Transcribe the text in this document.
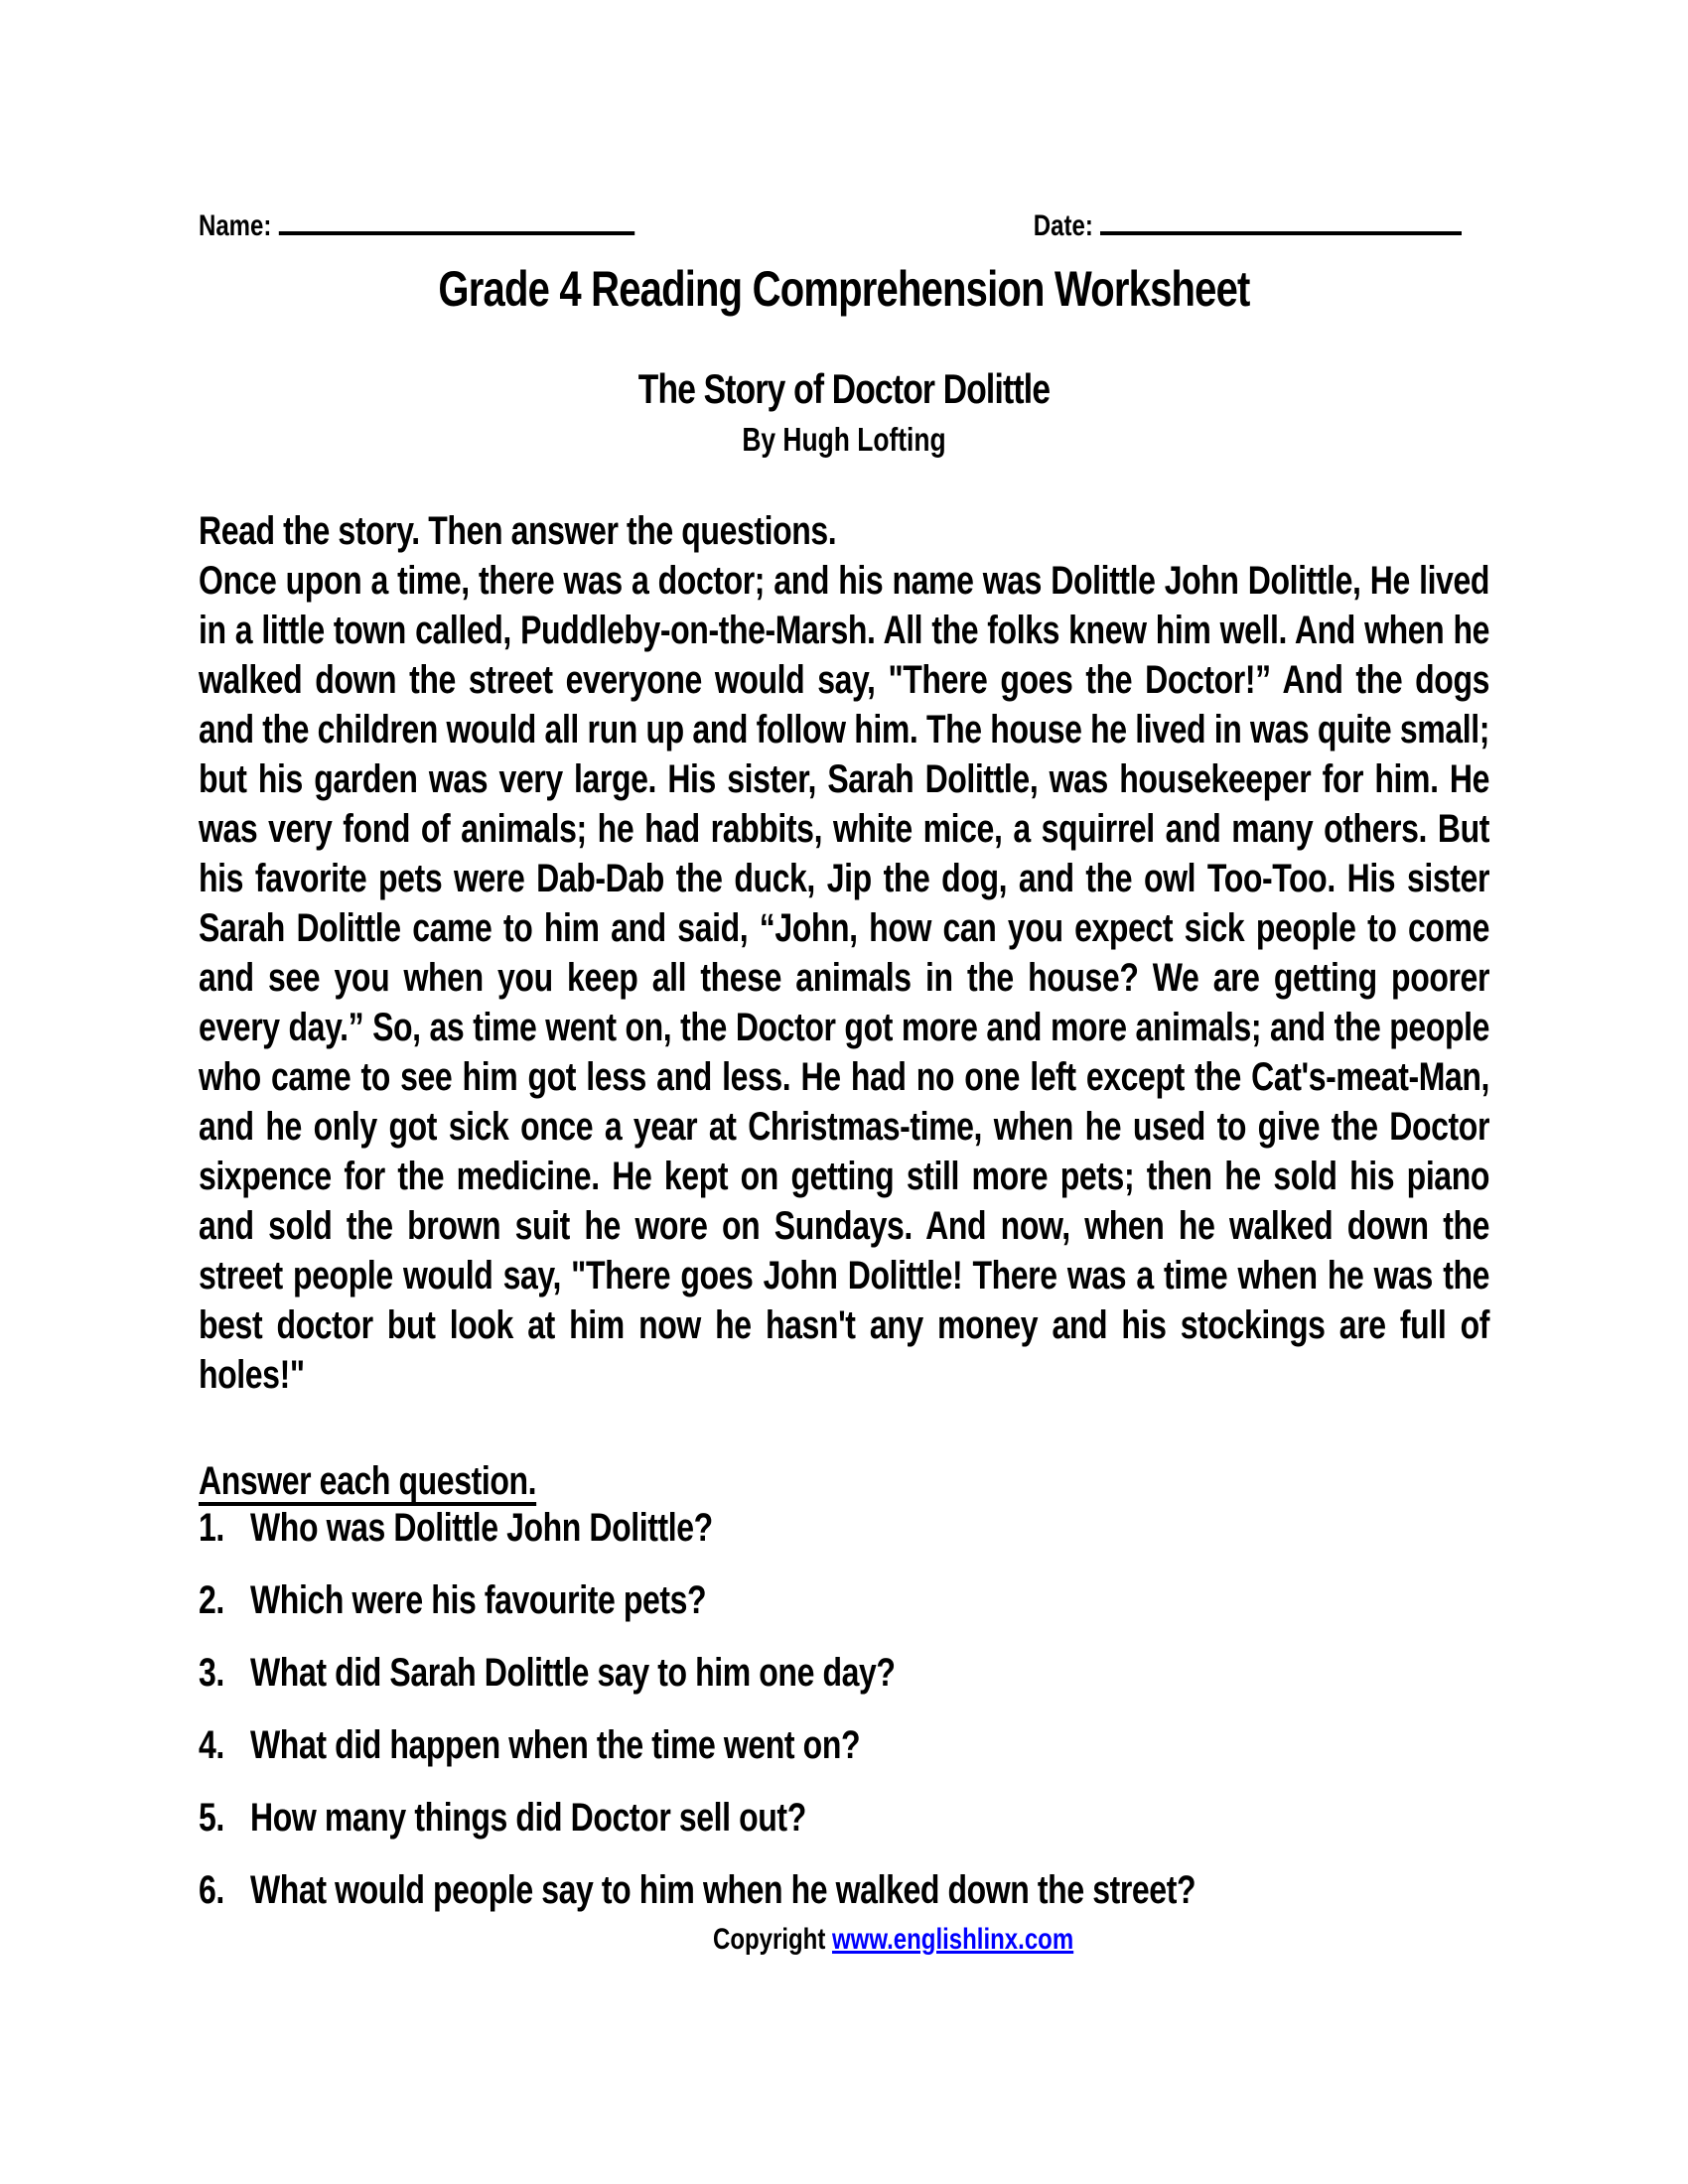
Name:	Date:
Grade 4 Reading Comprehension Worksheet
The Story of Doctor Dolittle
By Hugh Lofting
Read the story. Then answer the questions.

Once upon a time, there was a doctor; and his name was Dolittle John Dolittle, He lived in a little town called, Puddleby-on-the-Marsh. All the folks knew him well. And when he walked down the street everyone would say, "There goes the Doctor!” And the dogs and the children would all run up and follow him. The house he lived in was quite small; but his garden was very large. His sister, Sarah Dolittle, was housekeeper for him. He was very fond of animals; he had rabbits, white mice, a squirrel and many others. But his favorite pets were Dab-Dab the duck, Jip the dog, and the owl Too-Too. His sister Sarah Dolittle came to him and said, “John, how can you expect sick people to come and see you when you keep all these animals in the house? We are getting poorer every day.” So, as time went on, the Doctor got more and more animals; and the people who came to see him got less and less. He had no one left except the Cat's-meat-Man, and he only got sick once a year at Christmas-time, when he used to give the Doctor sixpence for the medicine. He kept on getting still more pets; then he sold his piano and sold the brown suit he wore on Sundays. And now, when he walked down the street people would say, "There goes John Dolittle! There was a time when he was the best doctor but look at him now he hasn't any money and his stockings are full of holes!"

Answer each question.
1. Who was Dolittle John Dolittle?
2. Which were his favourite pets?
3. What did Sarah Dolittle say to him one day?
4. What did happen when the time went on?
5. How many things did Doctor sell out?
6. What would people say to him when he walked down the street?
Copyright www.englishlinx.com
